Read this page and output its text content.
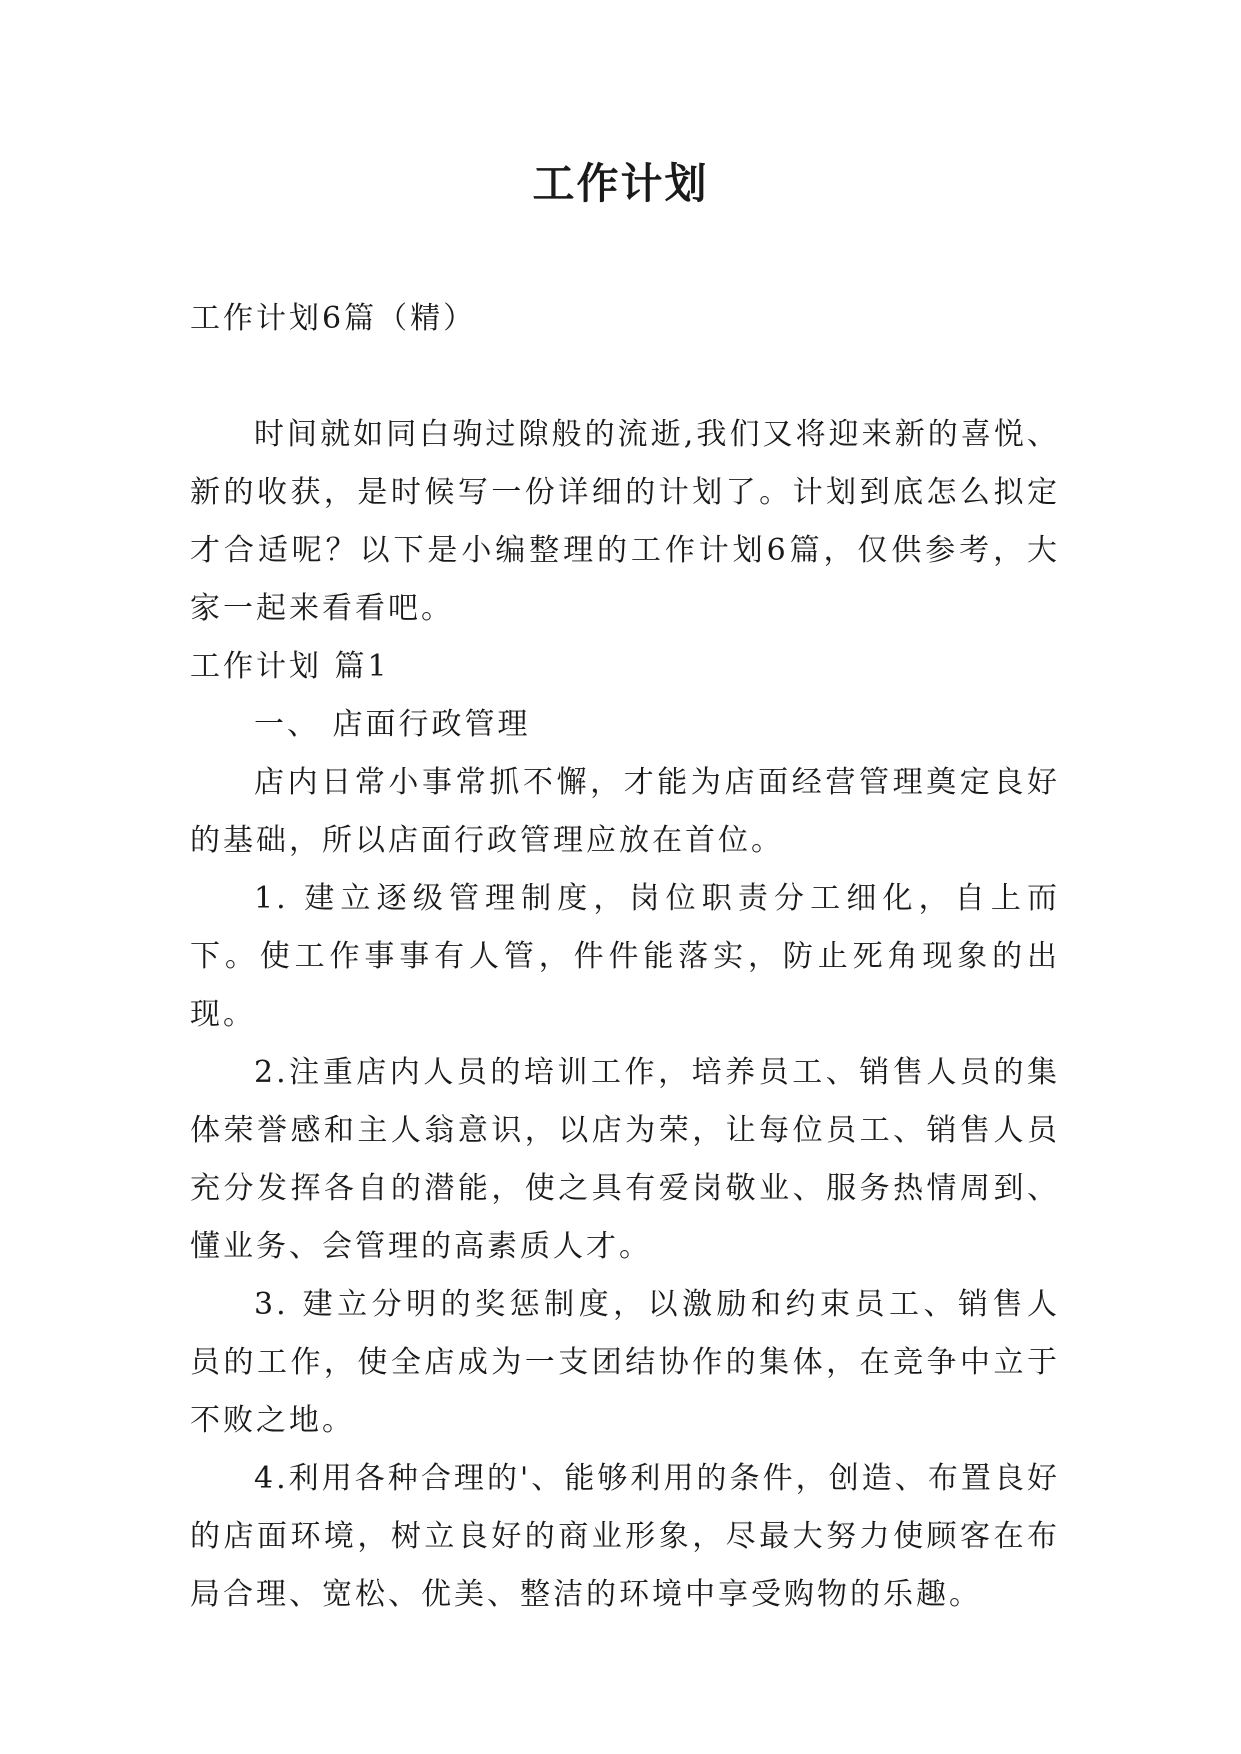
工作计划

工作计划6篇（精）

时间就如同白驹过隙般的流逝,我们又将迎来新的喜悦、新的收获，是时候写一份详细的计划了。计划到底怎么拟定才合适呢？以下是小编整理的工作计划6篇，仅供参考，大家一起来看看吧。

工作计划 篇1

一、 店面行政管理

店内日常小事常抓不懈，才能为店面经营管理奠定良好的基础，所以店面行政管理应放在首位。

1. 建立逐级管理制度，岗位职责分工细化，自上而下。使工作事事有人管，件件能落实，防止死角现象的出现。

2.注重店内人员的培训工作，培养员工、销售人员的集体荣誉感和主人翁意识，以店为荣，让每位员工、销售人员充分发挥各自的潜能，使之具有爱岗敬业、服务热情周到、懂业务、会管理的高素质人才。

3. 建立分明的奖惩制度，以激励和约束员工、销售人员的工作，使全店成为一支团结协作的集体，在竞争中立于不败之地。

4.利用各种合理的'、能够利用的条件，创造、布置良好的店面环境，树立良好的商业形象，尽最大努力使顾客在布局合理、宽松、优美、整洁的环境中享受购物的乐趣。
